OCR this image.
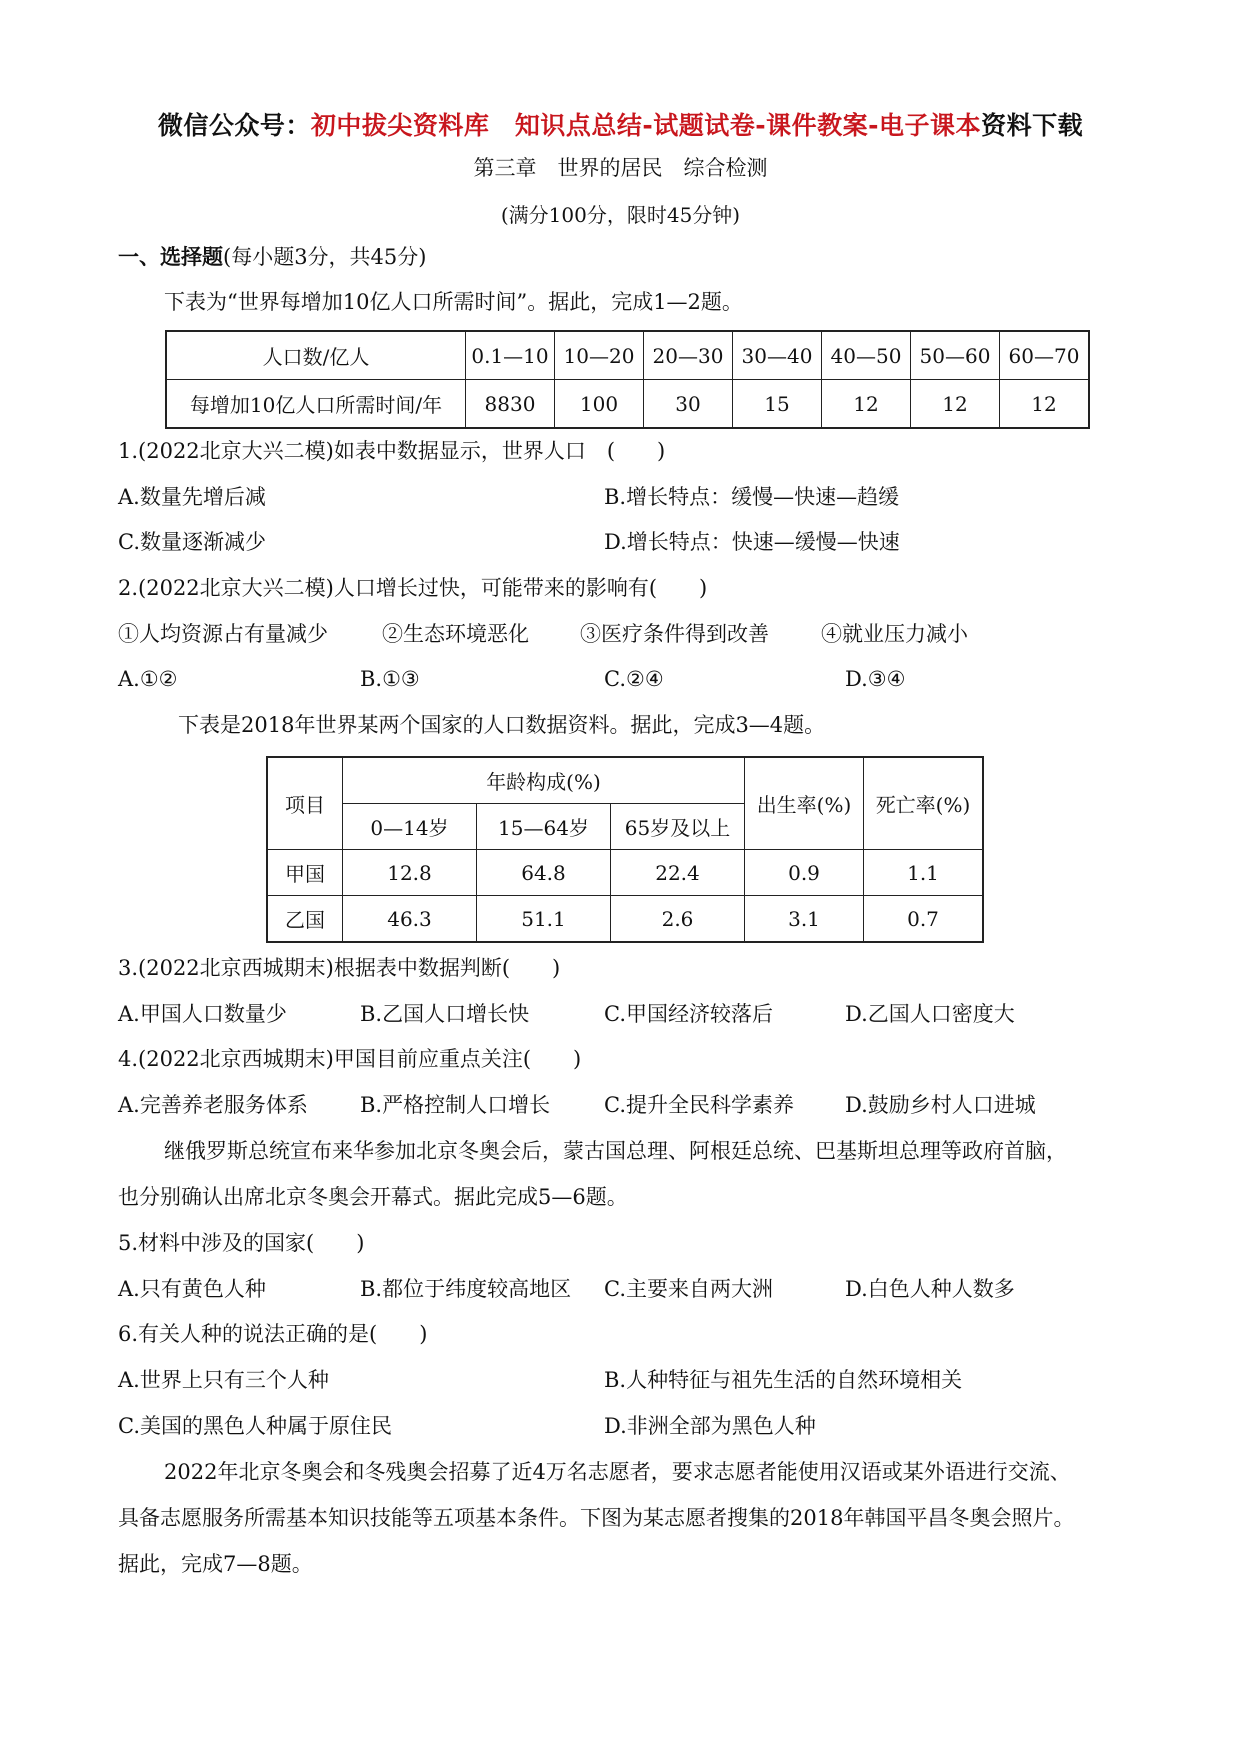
微信公众号：初中拔尖资料库　知识点总结-试题试卷-课件教案-电子课本资料下载
第三章　世界的居民　综合检测
(满分100分，限时45分钟)
一、选择题(每小题3分，共45分)
下表为“世界每增加10亿人口所需时间”。据此，完成1—2题。
人口数/亿人	0.1—10	10—20	20—30	30—40	40—50	50—60	60—70
每增加10亿人口所需时间/年	8830	100	30	15	12	12	12
1.(2022北京大兴二模)如表中数据显示，世界人口　(　　)
A.数量先增后减	B.增长特点：缓慢—快速—趋缓
C.数量逐渐减少	D.增长特点：快速—缓慢—快速
2.(2022北京大兴二模)人口增长过快，可能带来的影响有(　　)
①人均资源占有量减少	②生态环境恶化 ③医疗条件得到改善 ④就业压力减小
A.①②	B.①③	C.②④	D.③④
下表是2018年世界某两个国家的人口数据资料。据此，完成3—4题。
项目	年龄构成(%)			出生率(%)	死亡率(%)
	0—14岁	15—64岁	65岁及以上		
甲国	12.8	64.8	22.4	0.9	1.1
乙国	46.3	51.1	2.6	3.1	0.7
3.(2022北京西城期末)根据表中数据判断(　　)
A.甲国人口数量少	B.乙国人口增长快	C.甲国经济较落后	D.乙国人口密度大
4.(2022北京西城期末)甲国目前应重点关注(　　)
A.完善养老服务体系 B.严格控制人口增长	C.提升全民科学素养 D.鼓励乡村人口进城
继俄罗斯总统宣布来华参加北京冬奥会后，蒙古国总理、阿根廷总统、巴基斯坦总理等政府首脑，
也分别确认出席北京冬奥会开幕式。据此完成5—6题。
5.材料中涉及的国家(　　)
A.只有黄色人种	B.都位于纬度较高地区 C.主要来自两大洲	D.白色人种人数多
6.有关人种的说法正确的是(　　)
A.世界上只有三个人种	B.人种特征与祖先生活的自然环境相关
C.美国的黑色人种属于原住民	D.非洲全部为黑色人种
2022年北京冬奥会和冬残奥会招募了近4万名志愿者，要求志愿者能使用汉语或某外语进行交流、
具备志愿服务所需基本知识技能等五项基本条件。下图为某志愿者搜集的2018年韩国平昌冬奥会照片。
据此，完成7—8题。
